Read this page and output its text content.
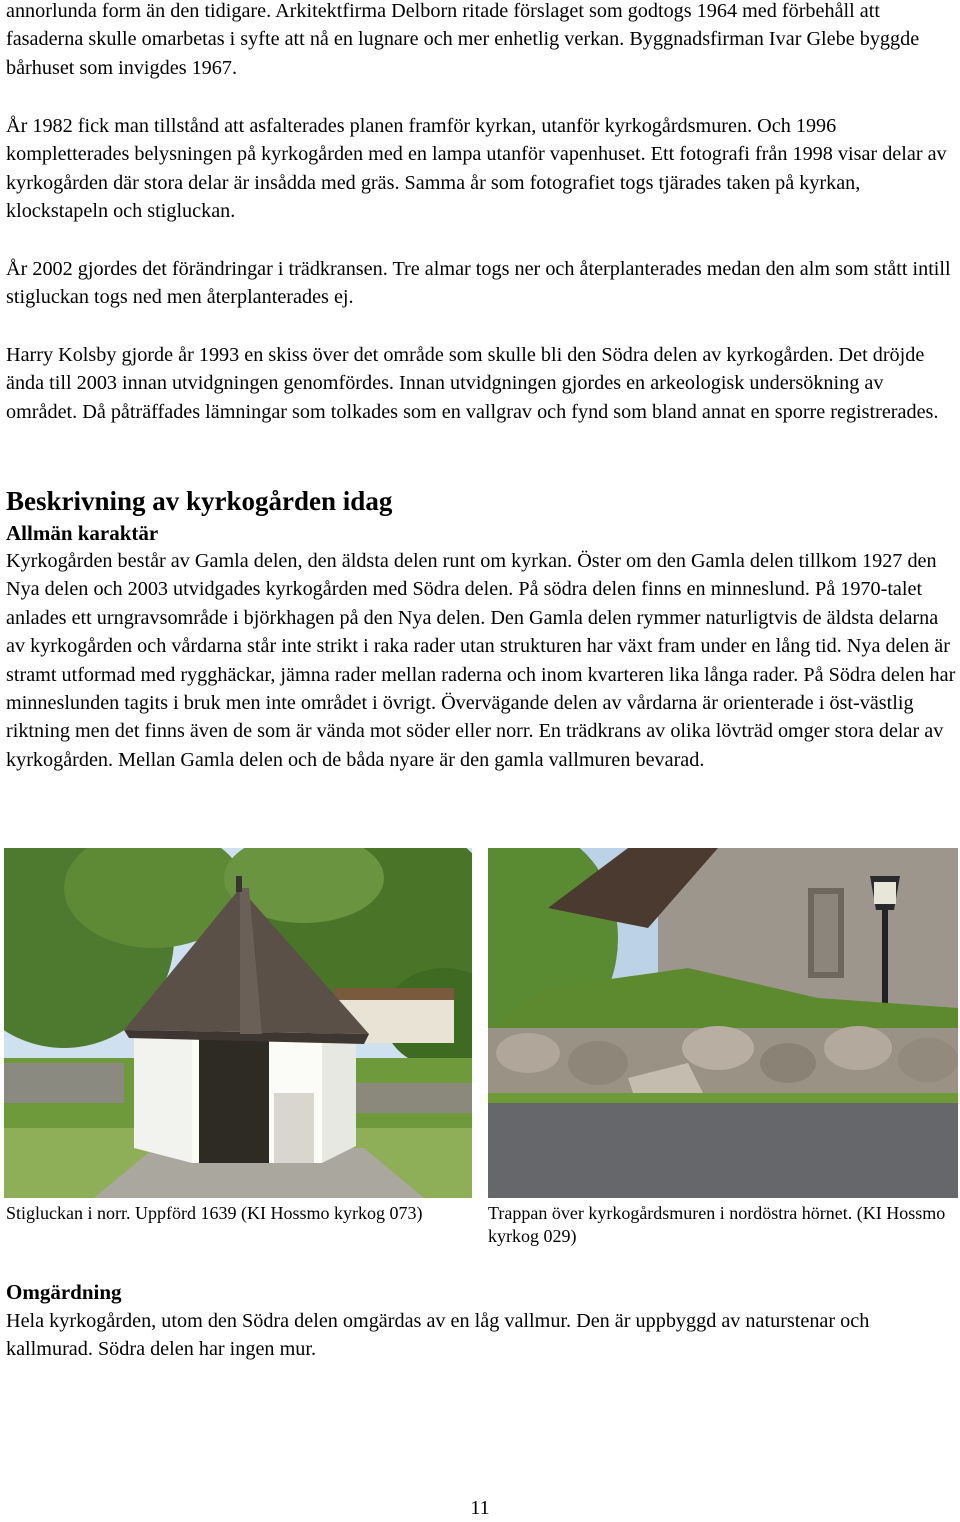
annorlunda form än den tidigare. Arkitektfirma Delborn ritade förslaget som godtogs 1964 med förbehåll att fasaderna skulle omarbetas i syfte att nå en lugnare och mer enhetlig verkan. Byggnadsfirman Ivar Glebe byggde bårhuset som invigdes 1967.

År 1982 fick man tillstånd att asfalterades planen framför kyrkan, utanför kyrkogårdsmuren. Och 1996 kompletterades belysningen på kyrkogården med en lampa utanför vapenhuset. Ett fotografi från 1998 visar delar av kyrkogården där stora delar är insådda med gräs. Samma år som fotografiet togs tjärades taken på kyrkan, klockstapeln och stigluckan.

År 2002 gjordes det förändringar i trädkransen. Tre almar togs ner och återplanterades medan den alm som stått intill stigluckan togs ned men återplanterades ej.

Harry Kolsby gjorde år 1993 en skiss över det område som skulle bli den Södra delen av kyrkogården. Det dröjde ända till 2003 innan utvidgningen genomfördes. Innan utvidgningen gjordes en arkeologisk undersökning av området. Då påträffades lämningar som tolkades som en vallgrav och fynd som bland annat en sporre registrerades.

Beskrivning av kyrkogården idag
Allmän karaktär

Kyrkogården består av Gamla delen, den äldsta delen runt om kyrkan. Öster om den Gamla delen tillkom 1927 den Nya delen och 2003 utvidgades kyrkogården med Södra delen. På södra delen finns en minneslund. På 1970-talet anlades ett urngravsområde i björkhagen på den Nya delen. Den Gamla delen rymmer naturligtvis de äldsta delarna av kyrkogården och vårdarna står inte strikt i raka rader utan strukturen har växt fram under en lång tid. Nya delen är stramt utformad med rygghäckar, jämna rader mellan raderna och inom kvarteren lika långa rader. På Södra delen har minneslunden tagits i bruk men inte området i övrigt. Övervägande delen av vårdarna är orienterade i öst-västlig riktning men det finns även de som är vända mot söder eller norr. En trädkrans av olika lövträd omger stora delar av kyrkogården. Mellan Gamla delen och de båda nyare är den gamla vallmuren bevarad.

Stigluckan i norr. Uppförd 1639 (KI Hossmo kyrkog 073)	Trappan över kyrkogårdsmuren i nordöstra hörnet. (KI Hossmo kyrkog 029)

Omgärdning

Hela kyrkogården, utom den Södra delen omgärdas av en låg vallmur. Den är uppbyggd av naturstenar och kallmurad. Södra delen har ingen mur.

11
